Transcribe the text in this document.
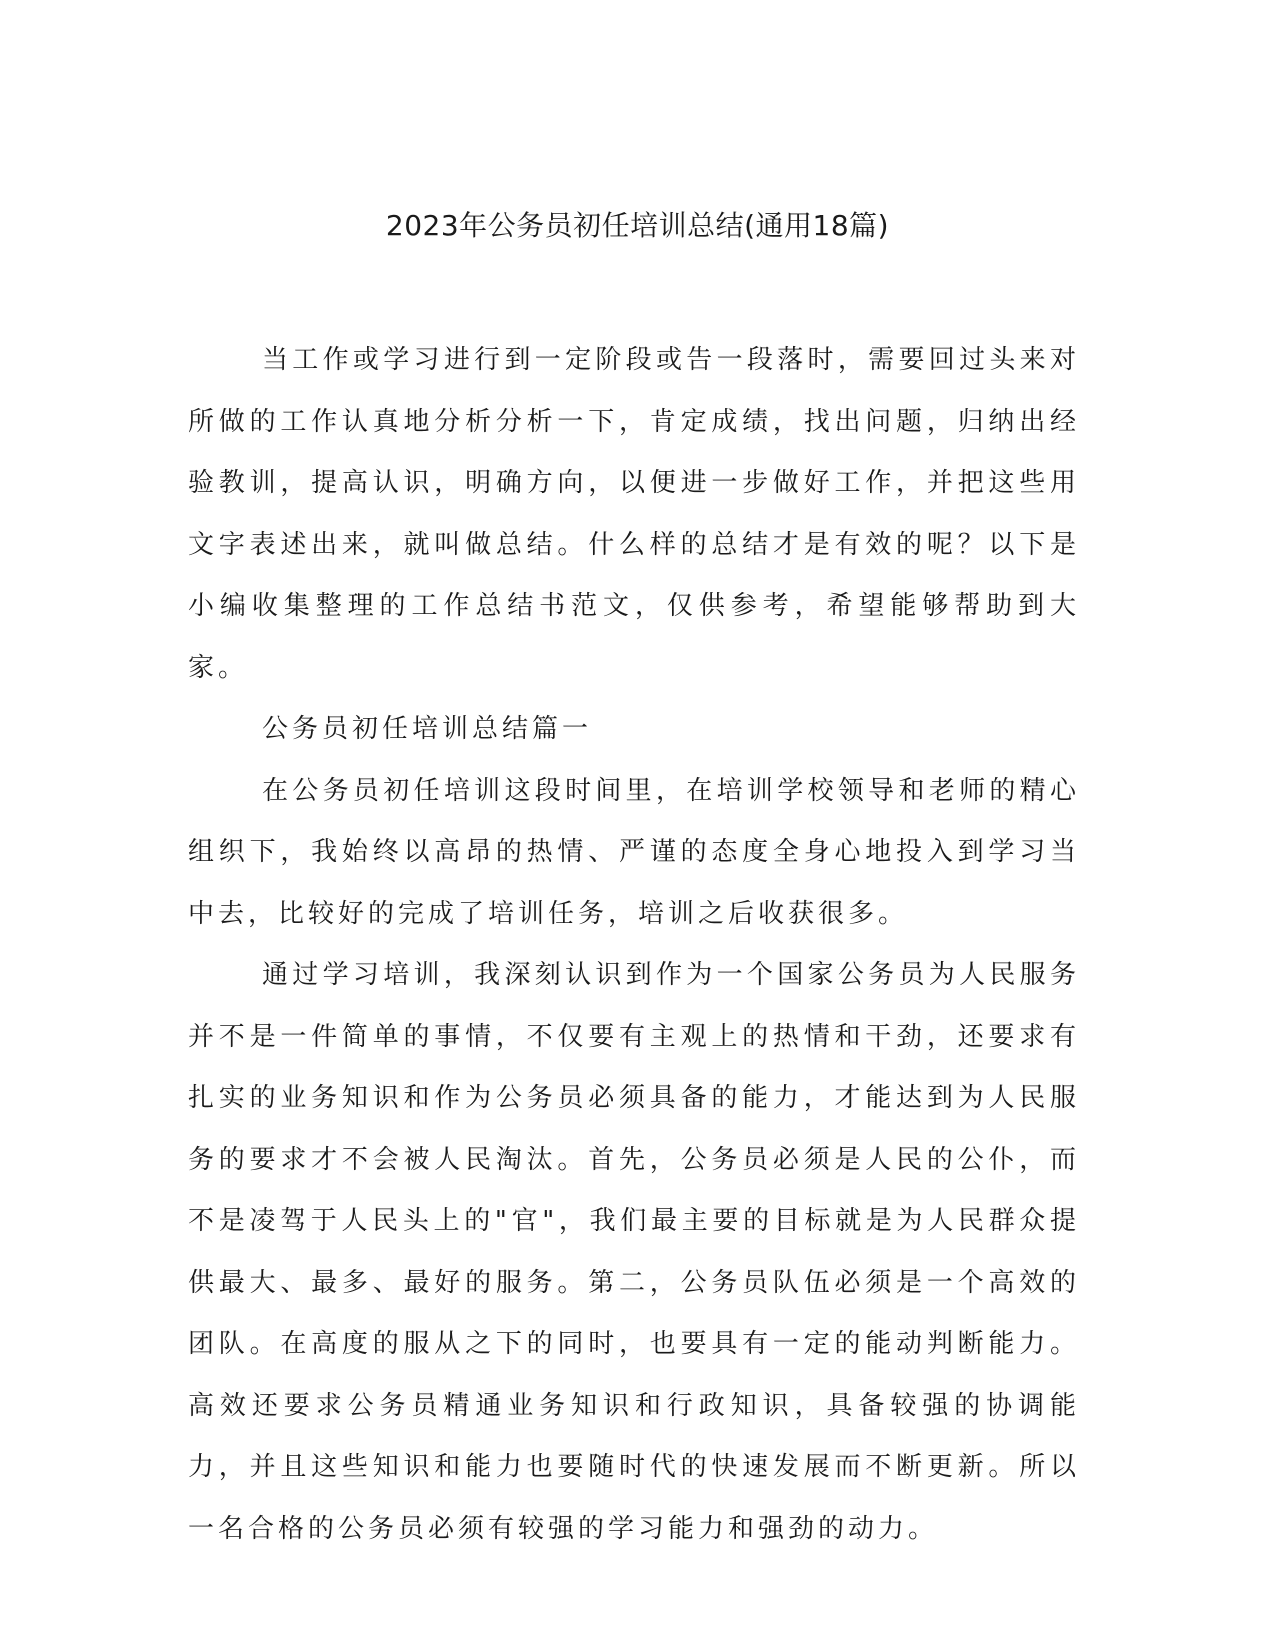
2023年公务员初任培训总结(通用18篇)

当工作或学习进行到一定阶段或告一段落时，需要回过头来对所做的工作认真地分析分析一下，肯定成绩，找出问题，归纳出经验教训，提高认识，明确方向，以便进一步做好工作，并把这些用文字表述出来，就叫做总结。什么样的总结才是有效的呢？以下是小编收集整理的工作总结书范文，仅供参考，希望能够帮助到大家。

公务员初任培训总结篇一

在公务员初任培训这段时间里，在培训学校领导和老师的精心组织下，我始终以高昂的热情、严谨的态度全身心地投入到学习当中去，比较好的完成了培训任务，培训之后收获很多。

通过学习培训，我深刻认识到作为一个国家公务员为人民服务并不是一件简单的事情，不仅要有主观上的热情和干劲，还要求有扎实的业务知识和作为公务员必须具备的能力，才能达到为人民服务的要求才不会被人民淘汰。首先，公务员必须是人民的公仆，而不是凌驾于人民头上的"官"，我们最主要的目标就是为人民群众提供最大、最多、最好的服务。第二，公务员队伍必须是一个高效的团队。在高度的服从之下的同时，也要具有一定的能动判断能力。高效还要求公务员精通业务知识和行政知识，具备较强的协调能力，并且这些知识和能力也要随时代的快速发展而不断更新。所以一名合格的公务员必须有较强的学习能力和强劲的动力。
